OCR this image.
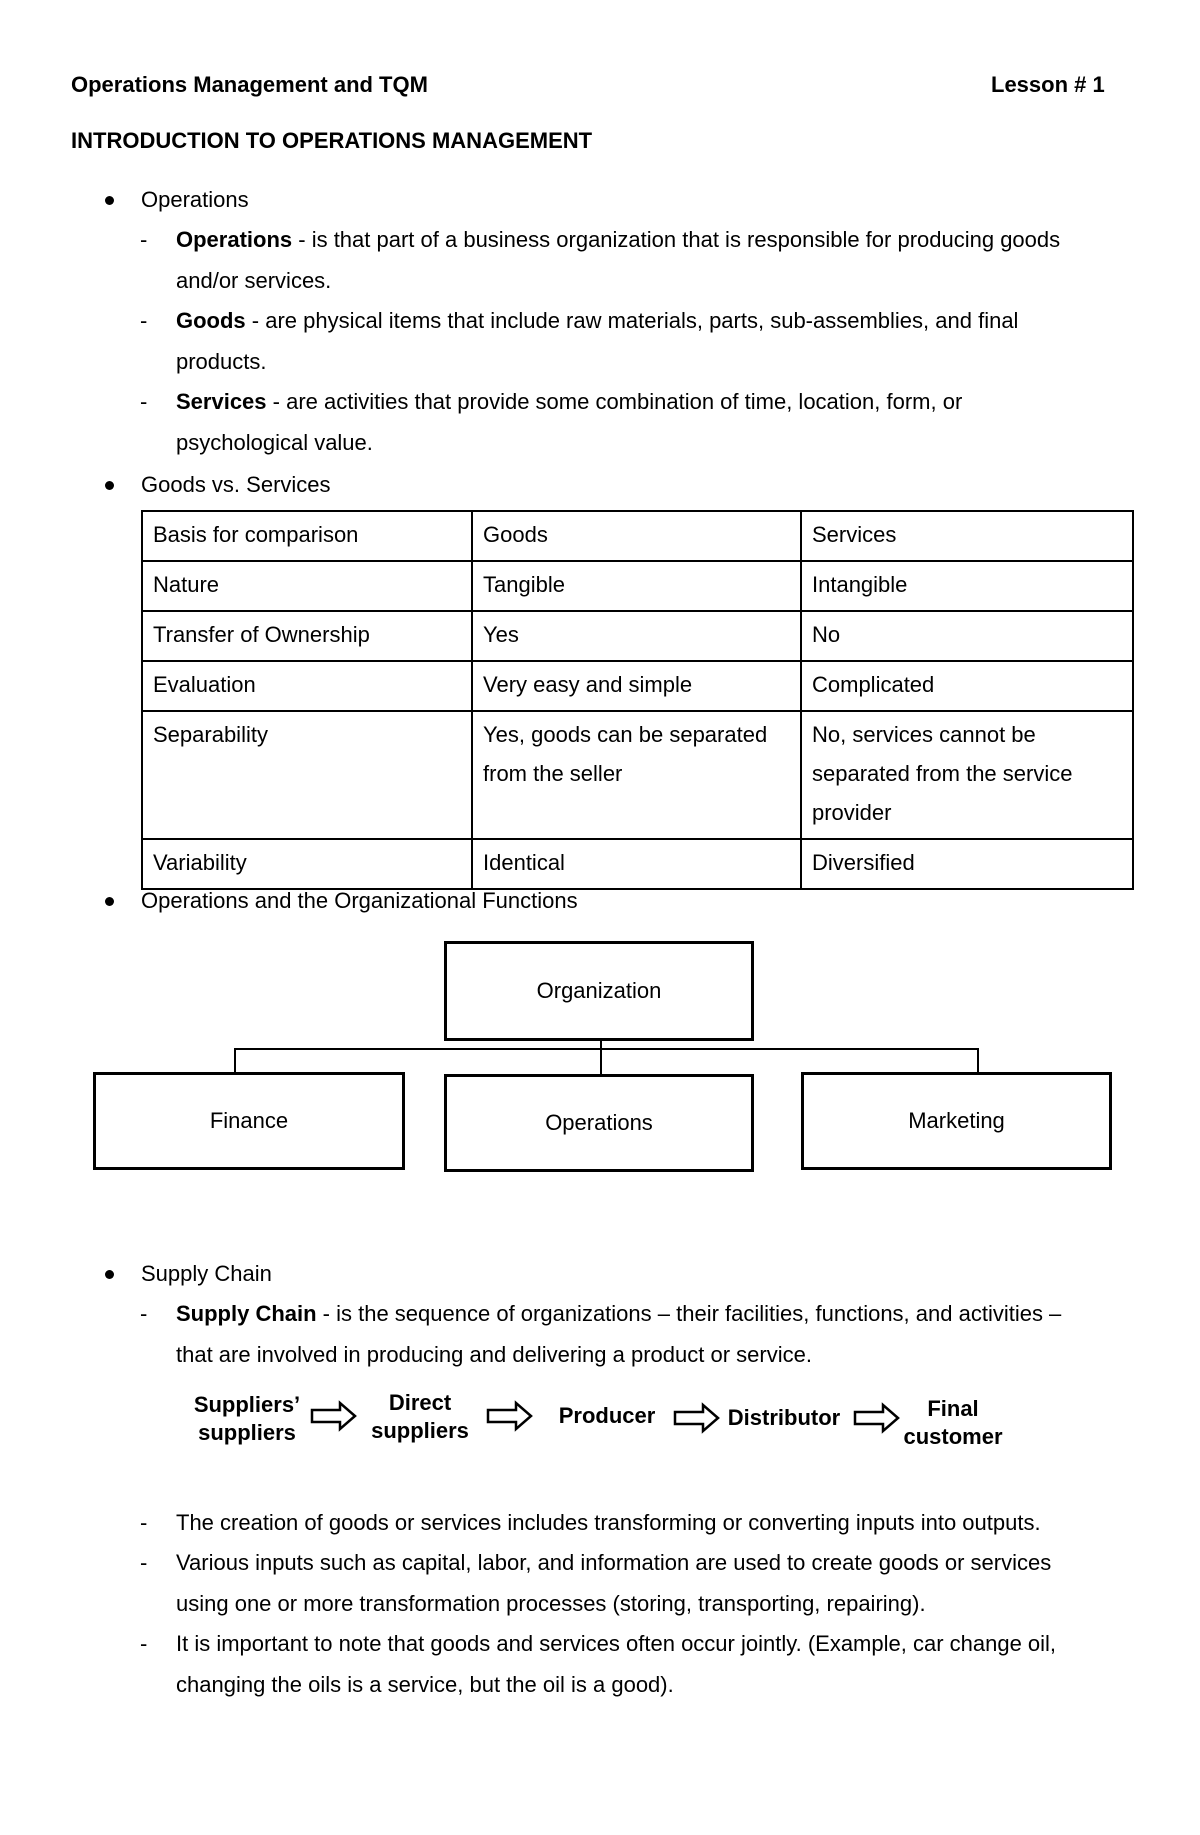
Operations Management and TQM	Lesson # 1
INTRODUCTION TO OPERATIONS MANAGEMENT
Operations
- Operations - is that part of a business organization that is responsible for producing goods
and/or services.
- Goods - are physical items that include raw materials, parts, sub-assemblies, and final
products.
- Services - are activities that provide some combination of time, location, form, or
psychological value.
Goods vs. Services
Basis for comparison	Goods	Services
Nature	Tangible	Intangible
Transfer of Ownership	Yes	No
Evaluation	Very easy and simple	Complicated
Separability	Yes, goods can be separated from the seller	No, services cannot be separated from the service provider
Variability	Identical	Diversified
Operations and the Organizational Functions
Organization
Finance	Operations	Marketing
Supply Chain
- Supply Chain - is the sequence of organizations – their facilities, functions, and activities –
that are involved in producing and delivering a product or service.
Suppliers’
suppliers
Direct
suppliers
Producer	Distributor	Final
customer
- The creation of goods or services includes transforming or converting inputs into outputs.
- Various inputs such as capital, labor, and information are used to create goods or services
using one or more transformation processes (storing, transporting, repairing).
- It is important to note that goods and services often occur jointly. (Example, car change oil,
changing the oils is a service, but the oil is a good).
